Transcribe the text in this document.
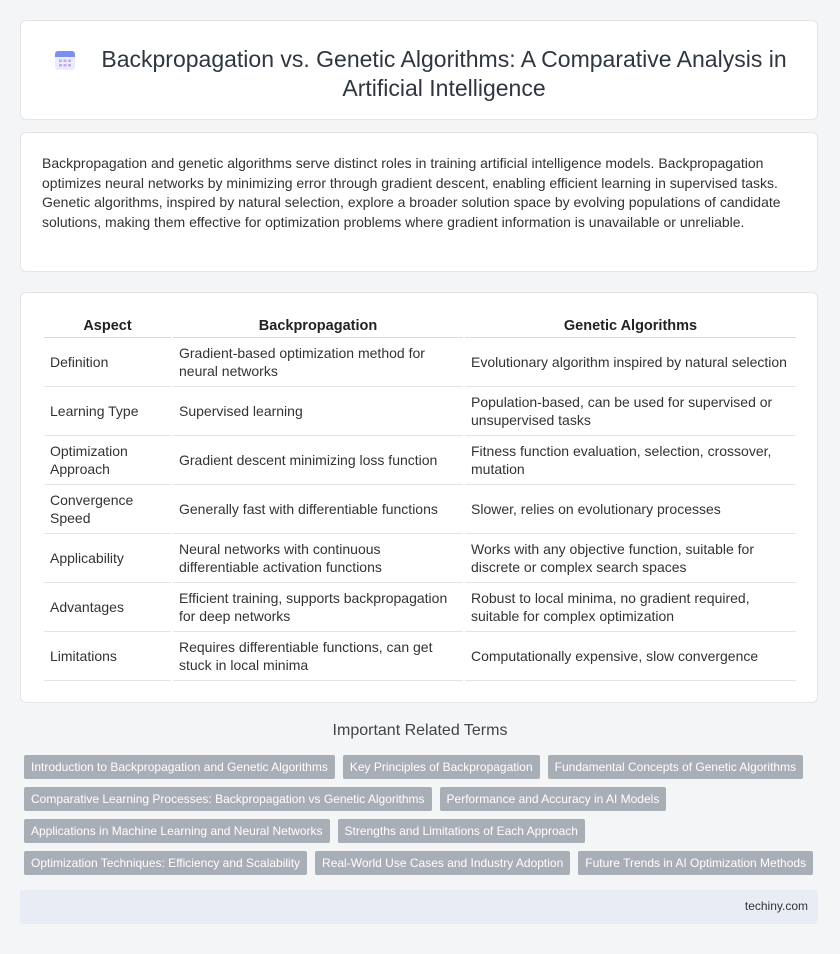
Backpropagation vs. Genetic Algorithms: A Comparative Analysis in Artificial Intelligence
Backpropagation and genetic algorithms serve distinct roles in training artificial intelligence models. Backpropagation optimizes neural networks by minimizing error through gradient descent, enabling efficient learning in supervised tasks. Genetic algorithms, inspired by natural selection, explore a broader solution space by evolving populations of candidate solutions, making them effective for optimization problems where gradient information is unavailable or unreliable.
Aspect	Backpropagation	Genetic Algorithms
Definition	Gradient-based optimization method for neural networks	Evolutionary algorithm inspired by natural selection
Learning Type	Supervised learning	Population-based, can be used for supervised or unsupervised tasks
Optimization Approach	Gradient descent minimizing loss function	Fitness function evaluation, selection, crossover, mutation
Convergence Speed	Generally fast with differentiable functions	Slower, relies on evolutionary processes
Applicability	Neural networks with continuous differentiable activation functions	Works with any objective function, suitable for discrete or complex search spaces
Advantages	Efficient training, supports backpropagation for deep networks	Robust to local minima, no gradient required, suitable for complex optimization
Limitations	Requires differentiable functions, can get stuck in local minima	Computationally expensive, slow convergence
Important Related Terms
Introduction to Backpropagation and Genetic Algorithms	Key Principles of Backpropagation	Fundamental Concepts of Genetic Algorithms
Comparative Learning Processes: Backpropagation vs Genetic Algorithms	Performance and Accuracy in AI Models
Applications in Machine Learning and Neural Networks	Strengths and Limitations of Each Approach
Optimization Techniques: Efficiency and Scalability	Real-World Use Cases and Industry Adoption	Future Trends in AI Optimization Methods
techiny.com
